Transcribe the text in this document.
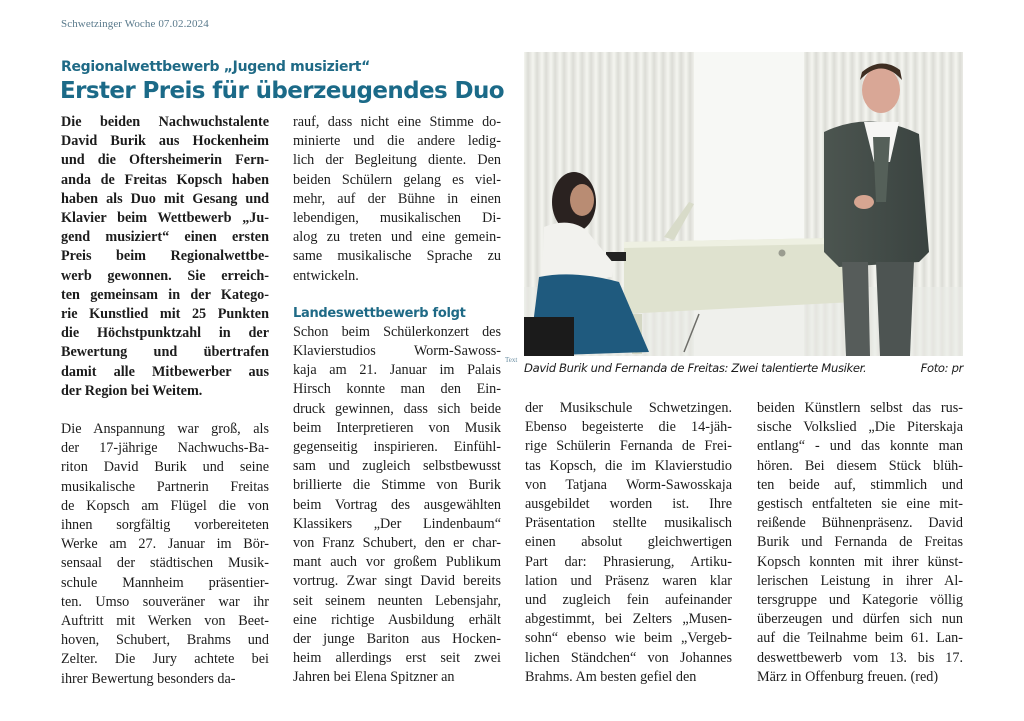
Schwetzinger Woche 07.02.2024
Regionalwettbewerb „Jugend musiziert“
Erster Preis für überzeugendes Duo

Die beiden Nachwuchstalente
David Burik aus Hockenheim
und die Oftersheimerin Fern-
anda de Freitas Kopsch haben
haben als Duo mit Gesang und
Klavier beim Wettbewerb „Ju-
gend musiziert“ einen ersten
Preis beim Regionalwettbe-
werb gewonnen. Sie erreich-
ten gemeinsam in der Katego-
rie Kunstlied mit 25 Punkten
die Höchstpunktzahl in der
Bewertung und übertrafen
damit alle Mitbewerber aus
der Region bei Weitem.

Die Anspannung war groß, als
der 17-jährige Nachwuchs-Ba-
riton David Burik und seine
musikalische Partnerin Freitas
de Kopsch am Flügel die von
ihnen sorgfältig vorbereiteten
Werke am 27. Januar im Bör-
sensaal der städtischen Musik-
schule Mannheim präsentier-
ten. Umso souveräner war ihr
Auftritt mit Werken von Beet-
hoven, Schubert, Brahms und
Zelter. Die Jury achtete bei
ihrer Bewertung besonders da-

rauf, dass nicht eine Stimme do-
minierte und die andere ledig-
lich der Begleitung diente. Den
beiden Schülern gelang es viel-
mehr, auf der Bühne in einen
lebendigen, musikalischen Di-
alog zu treten und eine gemein-
same musikalische Sprache zu
entwickeln.

Landeswettbewerb folgt

Schon beim Schülerkonzert des
Klavierstudios Worm-Sawoss-
kaja am 21. Januar im Palais
Hirsch konnte man den Ein-
druck gewinnen, dass sich beide
beim Interpretieren von Musik
gegenseitig inspirieren. Einfühl-
sam und zugleich selbstbewusst
brillierte die Stimme von Burik
beim Vortrag des ausgewählten
Klassikers „Der Lindenbaum“
von Franz Schubert, den er char-
mant auch vor großem Publikum
vortrug. Zwar singt David bereits
seit seinem neunten Lebensjahr,
eine richtige Ausbildung erhält
der junge Bariton aus Hocken-
heim allerdings erst seit zwei
Jahren bei Elena Spitzner an

Text
David Burik und Fernanda de Freitas: Zwei talentierte Musiker.	Foto: pr

der Musikschule Schwetzingen.
Ebenso begeisterte die 14-jäh-
rige Schülerin Fernanda de Frei-
tas Kopsch, die im Klavierstudio
von Tatjana Worm-Sawosskaja
ausgebildet worden ist. Ihre
Präsentation stellte musikalisch
einen absolut gleichwertigen
Part dar: Phrasierung, Artiku-
lation und Präsenz waren klar
und zugleich fein aufeinander
abgestimmt, bei Zelters „Musen-
sohn“ ebenso wie beim „Vergeb-
lichen Ständchen“ von Johannes
Brahms. Am besten gefiel den

beiden Künstlern selbst das rus-
sische Volkslied „Die Piterskaja
entlang“ - und das konnte man
hören. Bei diesem Stück blüh-
ten beide auf, stimmlich und
gestisch entfalteten sie eine mit-
reißende Bühnenpräsenz. David
Burik und Fernanda de Freitas
Kopsch konnten mit ihrer künst-
lerischen Leistung in ihrer Al-
tersgruppe und Kategorie völlig
überzeugen und dürfen sich nun
auf die Teilnahme beim 61. Lan-
deswettbewerb vom 13. bis 17.
März in Offenburg freuen. (red)
